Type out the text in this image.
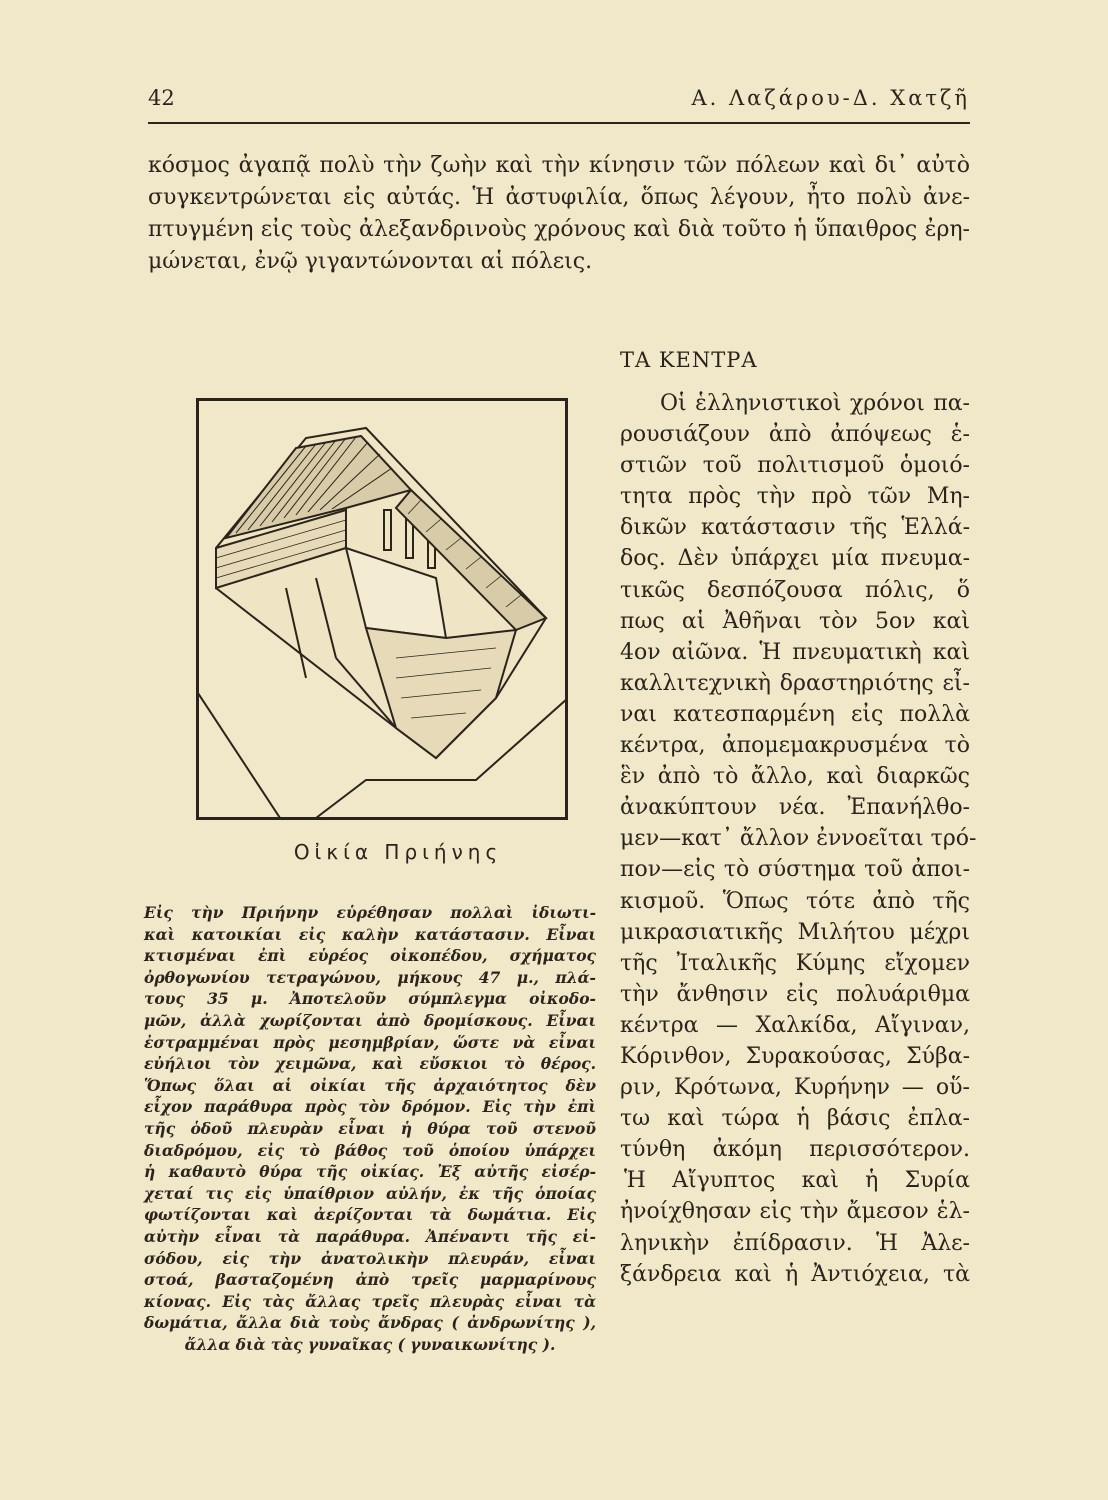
42	Α. Λαζάρου-Δ. Χατζῆ
κόσμος ἀγαπᾷ πολὺ τὴν ζωὴν καὶ τὴν κίνησιν τῶν πόλεων καὶ δι᾽ αὐτὸ
συγκεντρώνεται εἰς αὐτάς. Ἡ ἀστυφιλία, ὅπως λέγουν, ἦτο πολὺ ἀνε-
πτυγμένη εἰς τοὺς ἀλεξανδρινοὺς χρόνους καὶ διὰ τοῦτο ἡ ὕπαιθρος ἐρη-
μώνεται, ἐνῷ γιγαντώνονται αἱ πόλεις.
Οἰκία Πριήνης
Εἰς τὴν Πριήνην εὑρέθησαν πολλαὶ ἰδιωτι-
καὶ κατοικίαι εἰς καλὴν κατάστασιν. Εἶναι
κτισμέναι ἐπὶ εὑρέος οἰκοπέδου, σχήματος
ὀρθογωνίου τετραγώνου, μήκους 47 μ., πλά-
τους 35 μ. Ἀποτελοῦν σύμπλεγμα οἰκοδο-
μῶν, ἀλλὰ χωρίζονται ἀπὸ δρομίσκους. Εἶναι
ἐστραμμέναι πρὸς μεσημβρίαν, ὥστε νὰ εἶναι
εὐήλιοι τὸν χειμῶνα, καὶ εὔσκιοι τὸ θέρος.
Ὅπως ὅλαι αἱ οἰκίαι τῆς ἀρχαιότητος δὲν
εἶχον παράθυρα πρὸς τὸν δρόμον. Εἰς τὴν ἐπὶ
τῆς ὁδοῦ πλευρὰν εἶναι ἡ θύρα τοῦ στενοῦ
διαδρόμου, εἰς τὸ βάθος τοῦ ὁποίου ὑπάρχει
ἡ καθαυτὸ θύρα τῆς οἰκίας. Ἐξ αὐτῆς εἰσέρ-
χεταί τις εἰς ὑπαίθριον αὐλήν, ἐκ τῆς ὁποίας
φωτίζονται καὶ ἀερίζονται τὰ δωμάτια. Εἰς
αὐτὴν εἶναι τὰ παράθυρα. Ἀπέναντι τῆς εἰ-
σόδου, εἰς τὴν ἀνατολικὴν πλευράν, εἶναι
στοά, βασταζομένη ἀπὸ τρεῖς μαρμαρίνους
κίονας. Εἰς τὰς ἄλλας τρεῖς πλευρὰς εἶναι τὰ
δωμάτια, ἄλλα διὰ τοὺς ἄνδρας ( ἀνδρωνίτης ),
ἄλλα διὰ τὰς γυναῖκας ( γυναικωνίτης ).
ΤΑ ΚΕΝΤΡΑ
Οἱ ἑλληνιστικοὶ χρόνοι πα-
ρουσιάζουν ἀπὸ ἀπόψεως ἑ-
στιῶν τοῦ πολιτισμοῦ ὁμοιό-
τητα πρὸς τὴν πρὸ τῶν Μη-
δικῶν κατάστασιν τῆς Ἑλλά-
δος. Δὲν ὑπάρχει μία πνευμα-
τικῶς δεσπόζουσα πόλις, ὅ
πως αἱ Ἀθῆναι τὸν 5ον καὶ
4ον αἰῶνα. Ἡ πνευματικὴ καὶ
καλλιτεχνικὴ δραστηριότης εἶ-
ναι κατεσπαρμένη εἰς πολλὰ
κέντρα, ἀπομεμακρυσμένα τὸ
ἓν ἀπὸ τὸ ἄλλο, καὶ διαρκῶς
ἀνακύπτουν νέα. Ἐπανήλθο-
μεν—κατ᾽ ἄλλον ἐννοεῖται τρό-
πον—εἰς τὸ σύστημα τοῦ ἀποι-
κισμοῦ. Ὅπως τότε ἀπὸ τῆς
μικρασιατικῆς Μιλήτου μέχρι
τῆς Ἰταλικῆς Κύμης εἴχομεν
τὴν ἄνθησιν εἰς πολυάριθμα
κέντρα — Χαλκίδα, Αἴγιναν,
Κόρινθον, Συρακούσας, Σύβα-
ριν, Κρότωνα, Κυρήνην — οὕ-
τω καὶ τώρα ἡ βάσις ἐπλα-
τύνθη ἀκόμη περισσότερον.
Ἡ Αἴγυπτος καὶ ἡ Συρία
ἠνοίχθησαν εἰς τὴν ἄμεσον ἑλ-
ληνικὴν ἐπίδρασιν. Ἡ Ἀλε-
ξάνδρεια καὶ ἡ Ἀντιόχεια, τὰ
